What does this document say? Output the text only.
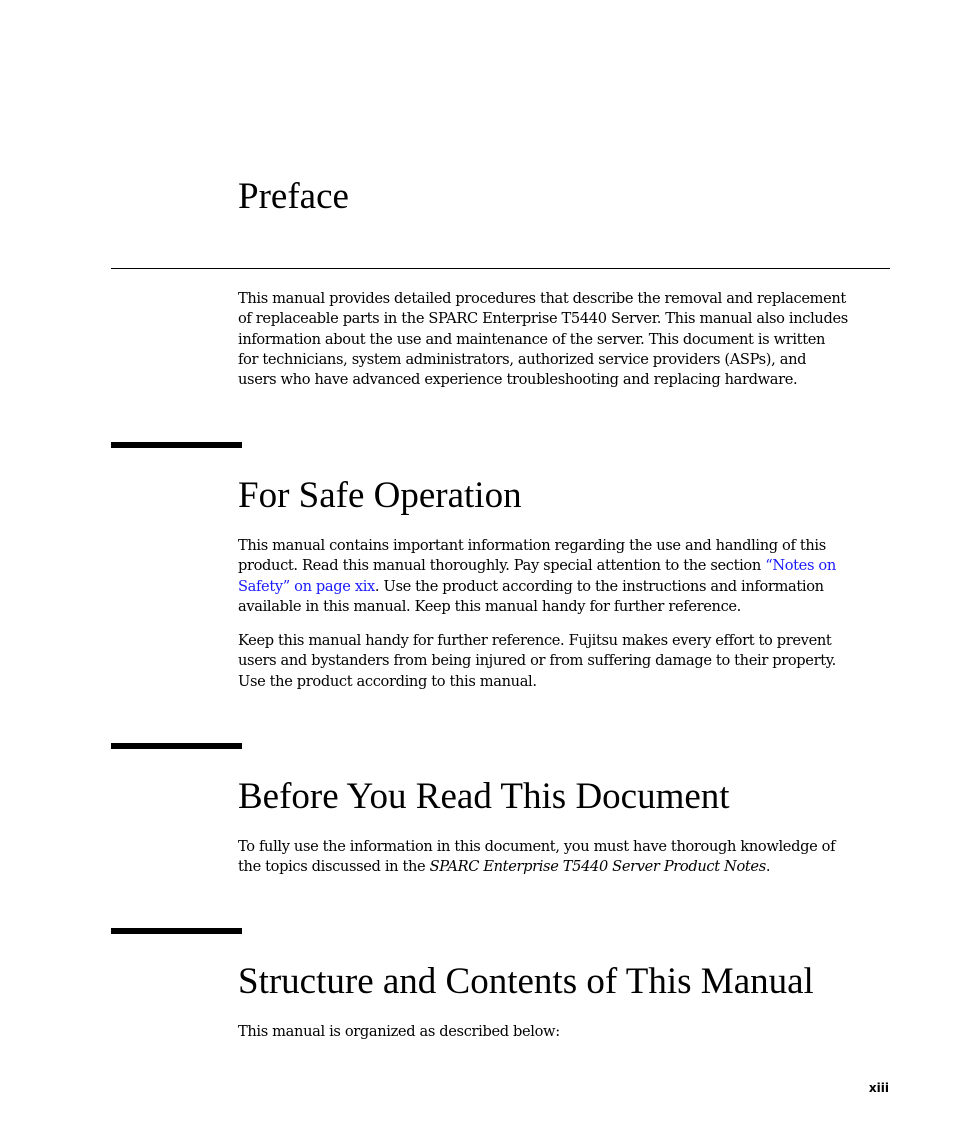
Preface
This manual provides detailed procedures that describe the removal and replacement
of replaceable parts in the SPARC Enterprise T5440 Server. This manual also includes
information about the use and maintenance of the server. This document is written
for technicians, system administrators, authorized service providers (ASPs), and
users who have advanced experience troubleshooting and replacing hardware.
For Safe Operation
This manual contains important information regarding the use and handling of this
product. Read this manual thoroughly. Pay special attention to the section “Notes on
Safety” on page xix. Use the product according to the instructions and information
available in this manual. Keep this manual handy for further reference.
Keep this manual handy for further reference. Fujitsu makes every effort to prevent
users and bystanders from being injured or from suffering damage to their property.
Use the product according to this manual.
Before You Read This Document
To fully use the information in this document, you must have thorough knowledge of
the topics discussed in the SPARC Enterprise T5440 Server Product Notes.
Structure and Contents of This Manual
This manual is organized as described below:

xiii
